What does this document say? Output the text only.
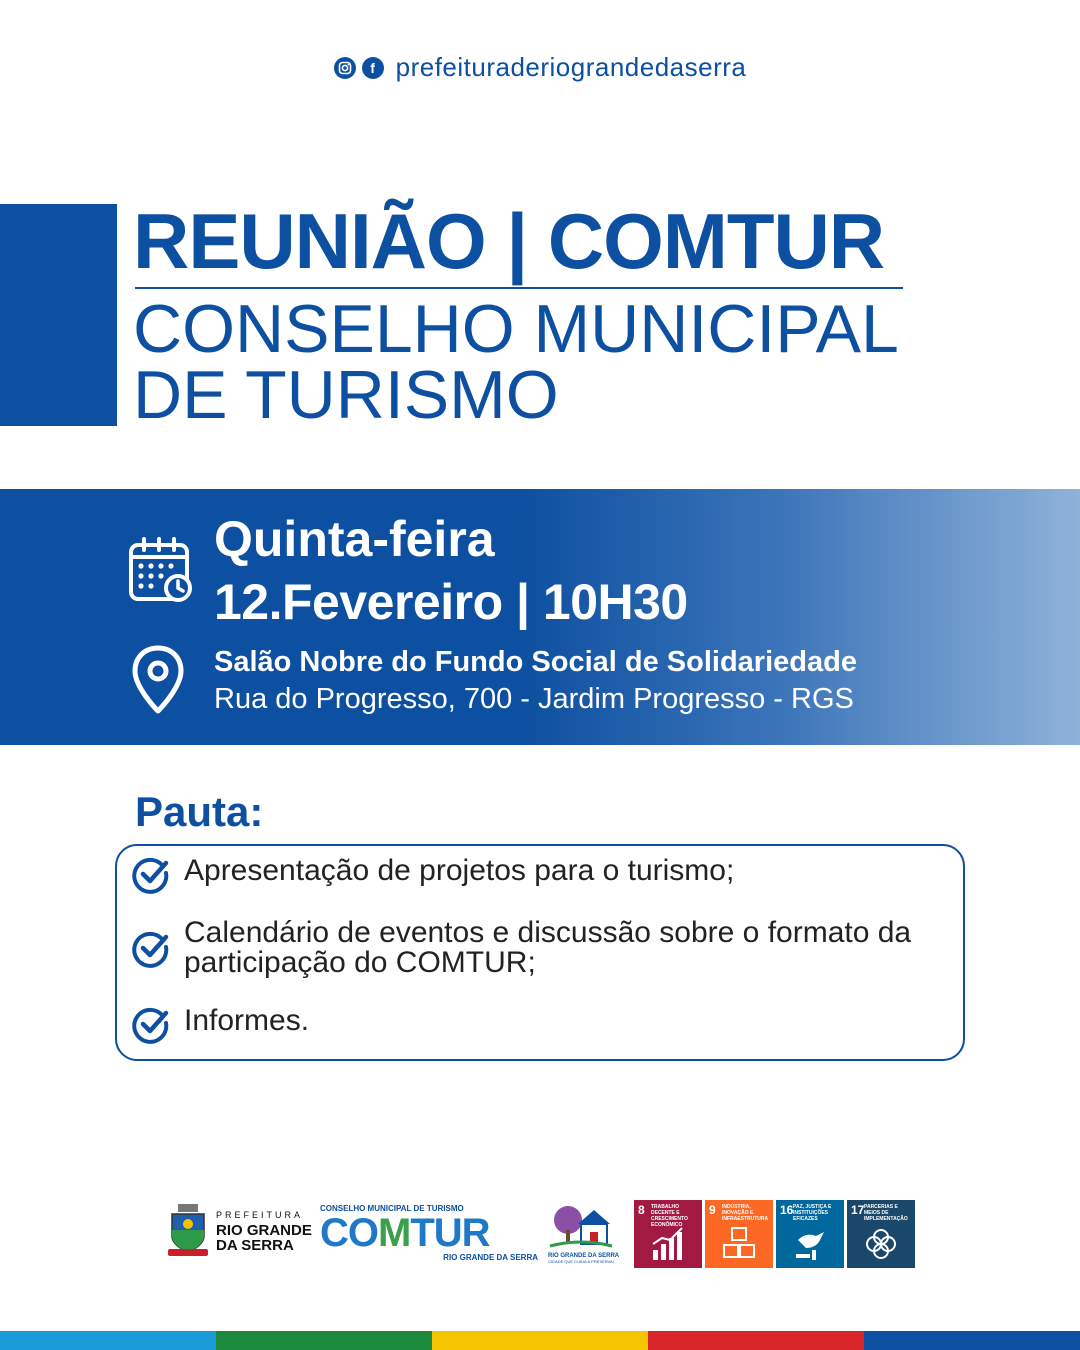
f prefeituraderiograndedaserra
REUNIÃO | COMTUR
CONSELHO MUNICIPAL
DE TURISMO
Quinta-feira
12.Fevereiro | 10H30
Salão Nobre do Fundo Social de Solidariedade
Rua do Progresso, 700 - Jardim Progresso - RGS
Pauta:
Apresentação de projetos para o turismo;
Calendário de eventos e discussão sobre o formato da participação do COMTUR;
Informes.
PREFEITURA
RIO GRANDE
DA SERRA
CONSELHO MUNICIPAL DE TURISMO
COMTUR
RIO GRANDE DA SERRA RIO GRANDE DA SERRA
CIDADE QUE CUIDA & PRESERVA!
8 TRABALHO DECENTE E CRESCIMENTO ECONÔMICO
9 INDÚSTRIA, INOVAÇÃO E INFRAESTRUTURA
16 PAZ, JUSTIÇA E INSTITUIÇÕES EFICAZES
17 PARCERIAS E MEIOS DE IMPLEMENTAÇÃO
